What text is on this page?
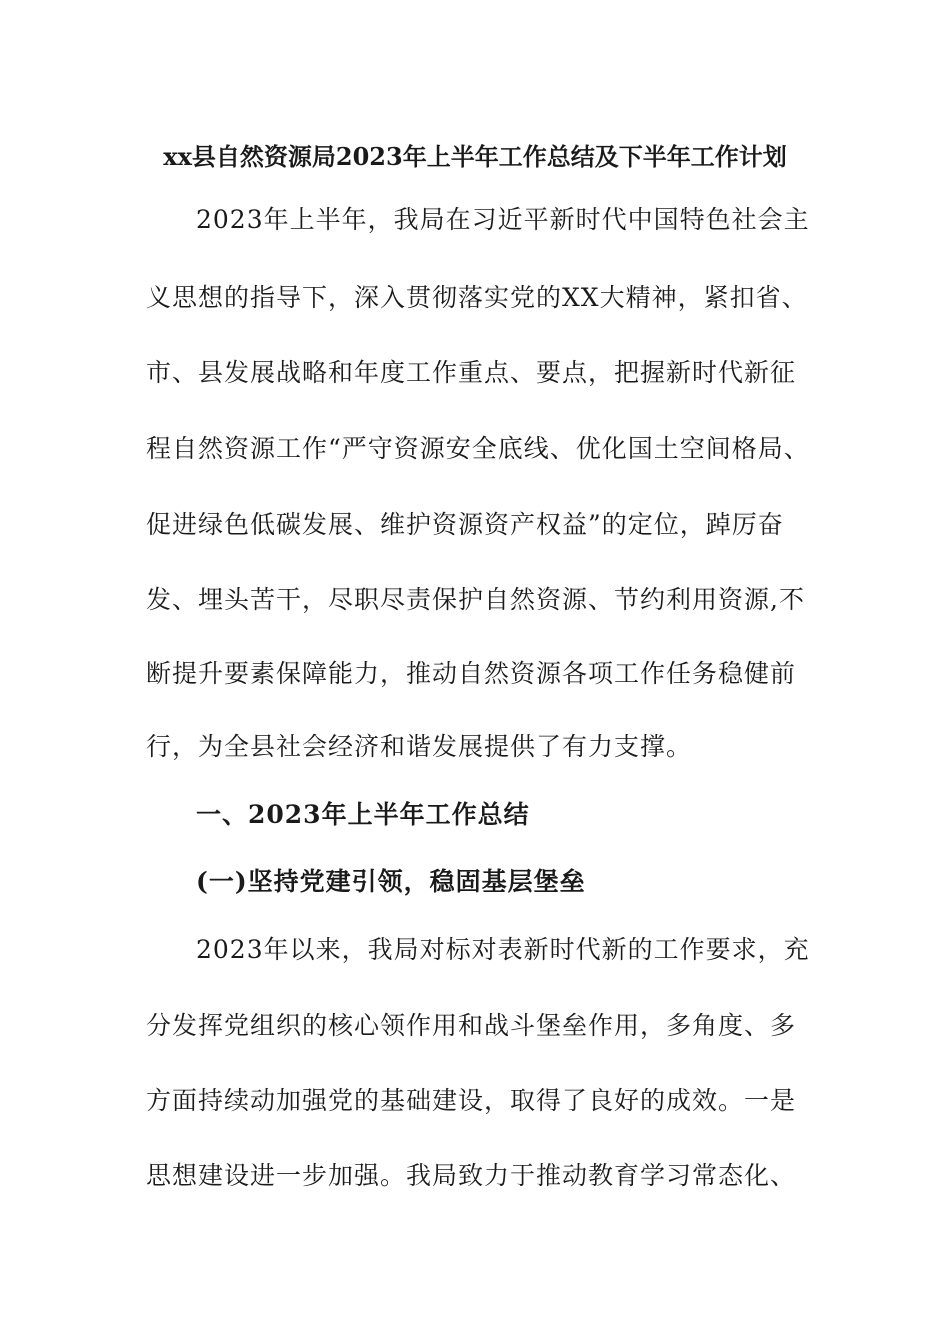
xx县自然资源局2023年上半年工作总结及下半年工作计划
2023年上半年，我局在习近平新时代中国特色社会主
义思想的指导下，深入贯彻落实党的XX大精神，紧扣省、
市、县发展战略和年度工作重点、要点，把握新时代新征
程自然资源工作“严守资源安全底线、优化国土空间格局、
促进绿色低碳发展、维护资源资产权益”的定位，踔厉奋
发、埋头苦干，尽职尽责保护自然资源、节约利用资源,不
断提升要素保障能力，推动自然资源各项工作任务稳健前
行，为全县社会经济和谐发展提供了有力支撑。
一、2023年上半年工作总结
(一)坚持党建引领，稳固基层堡垒
2023年以来，我局对标对表新时代新的工作要求，充
分发挥党组织的核心领作用和战斗堡垒作用，多角度、多
方面持续动加强党的基础建设，取得了良好的成效。一是
思想建设进一步加强。我局致力于推动教育学习常态化、
